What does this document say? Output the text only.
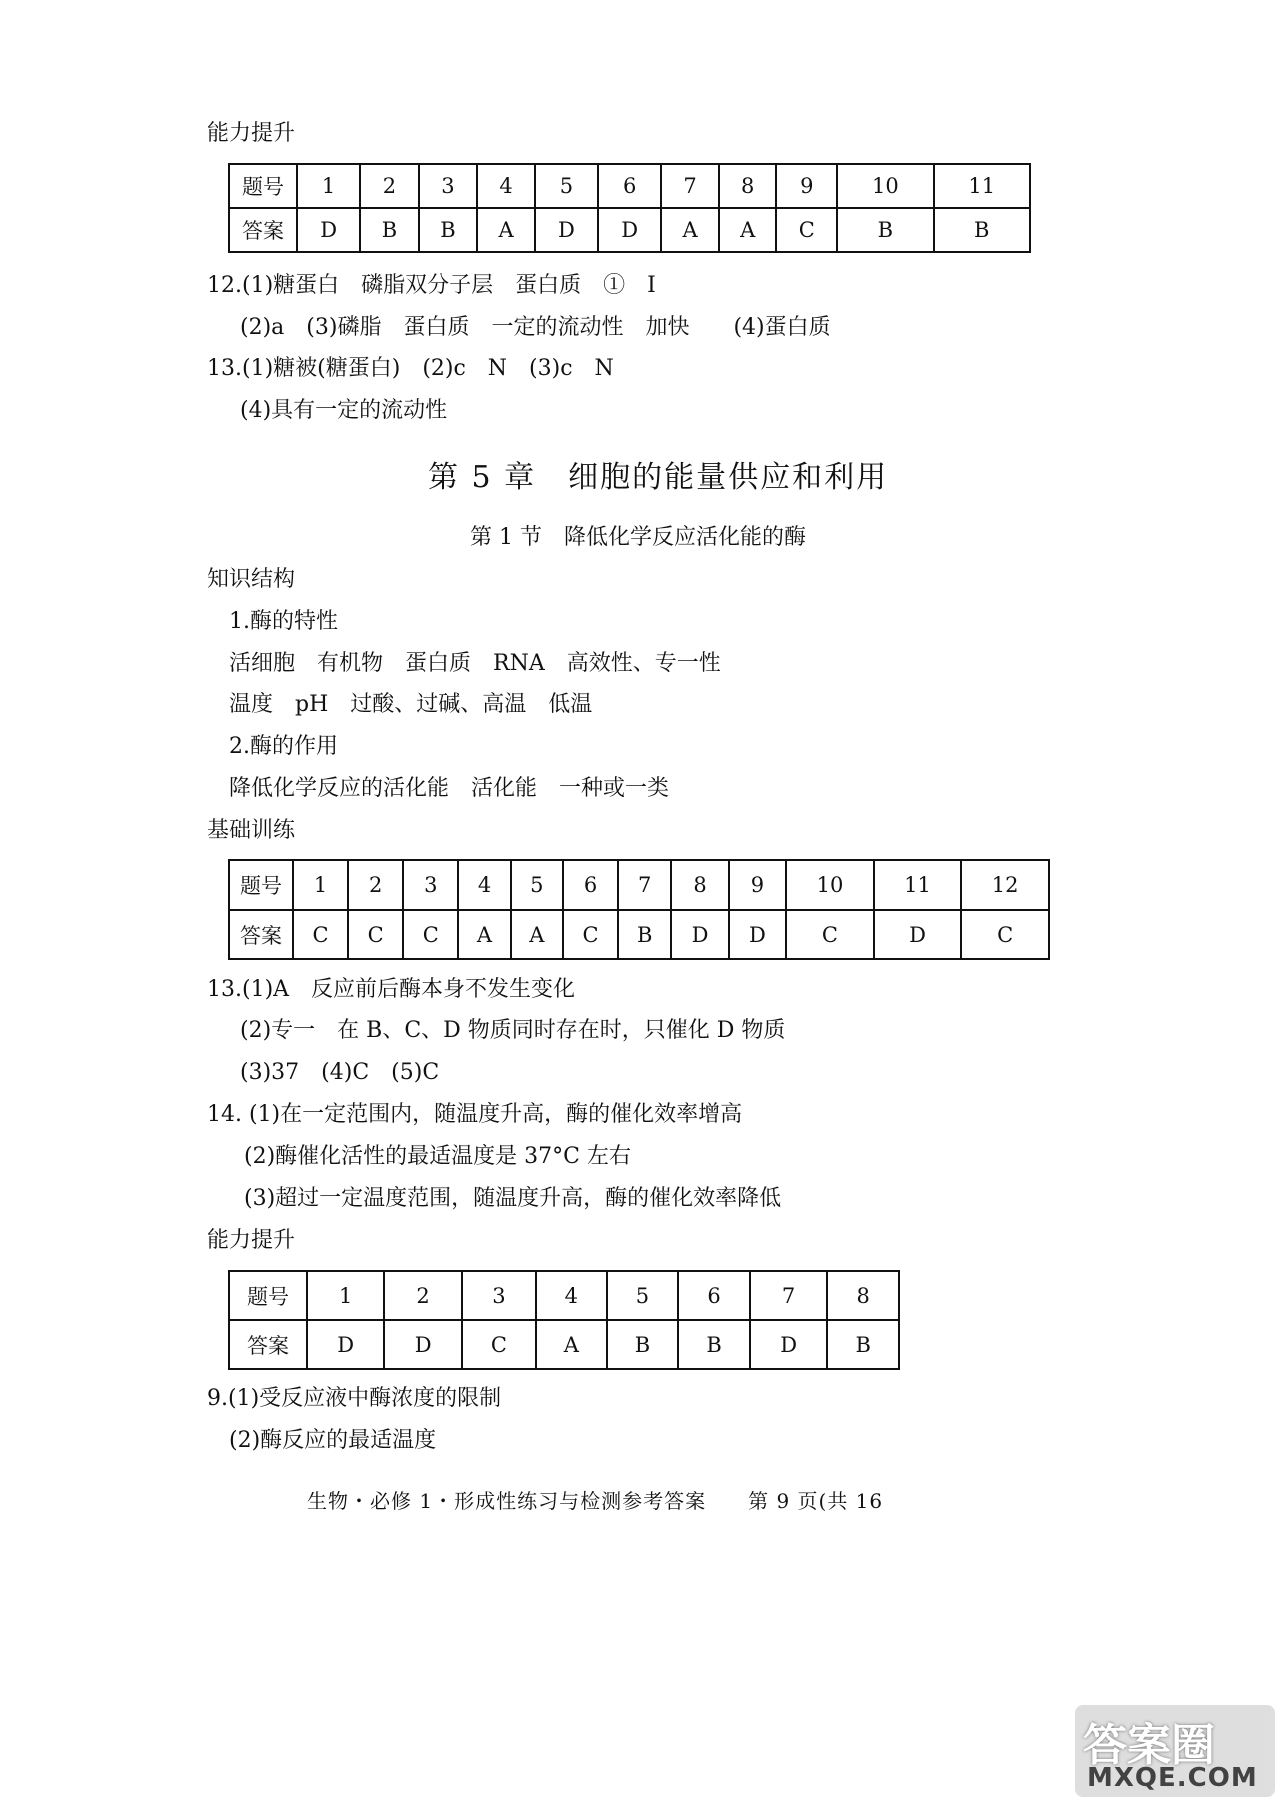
能力提升
题号	1	2	3	4	5	6	7	8	9	10	11
答案	D	B	B	A	D	D	A	A	C	B	B
12.(1)糖蛋白　磷脂双分子层　蛋白质　①　Ⅰ
(2)a　(3)磷脂　蛋白质　一定的流动性　加快　　(4)蛋白质
13.(1)糖被(糖蛋白)　(2)c　N　(3)c　N
(4)具有一定的流动性
第 5 章　细胞的能量供应和利用
第 1 节　降低化学反应活化能的酶
知识结构
1.酶的特性
活细胞　有机物　蛋白质　RNA　高效性、专一性
温度　pH　过酸、过碱、高温　低温
2.酶的作用
降低化学反应的活化能　活化能　一种或一类
基础训练
题号	1	2	3	4	5	6	7	8	9	10	11	12
答案	C	C	C	A	A	C	B	D	D	C	D	C
13.(1)A　反应前后酶本身不发生变化
(2)专一　在 B、C、D 物质同时存在时，只催化 D 物质
(3)37　(4)C　(5)C
14. (1)在一定范围内，随温度升高，酶的催化效率增高
(2)酶催化活性的最适温度是 37°C 左右
(3)超过一定温度范围，随温度升高，酶的催化效率降低
能力提升
题号	1	2	3	4	5	6	7	8
答案	D	D	C	A	B	B	D	B
9.(1)受反应液中酶浓度的限制
(2)酶反应的最适温度
生物・必修 1・形成性练习与检测参考答案　　第 9 页(共 16
答案圈
MXQE.COM
